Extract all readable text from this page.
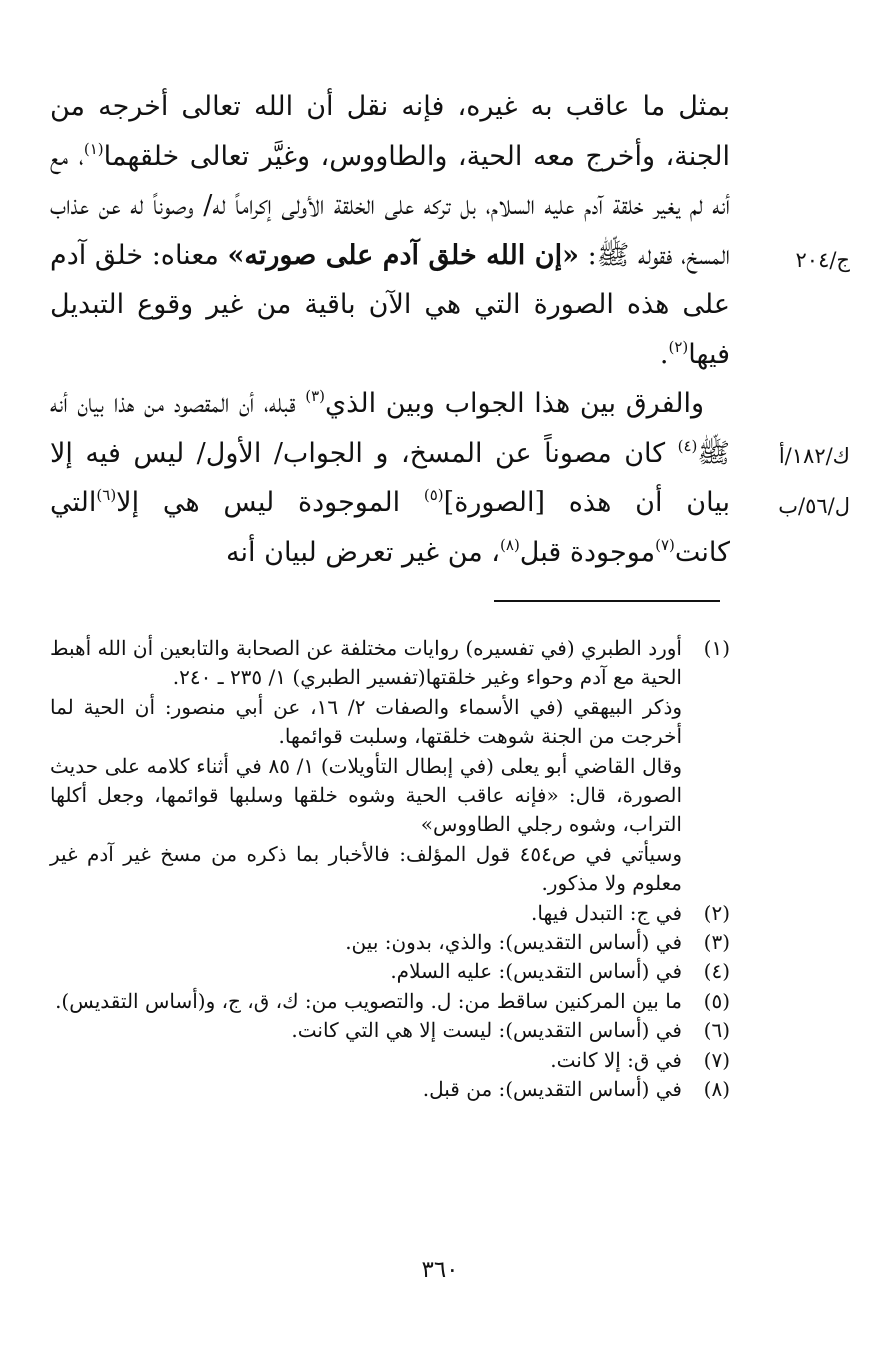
بمثل ما عاقب به غيره، فإنه نقل أن الله تعالى أخرجه من الجنة، وأخرج معه الحية، والطاووس، وغيَّر تعالى خلقهما$^{(١)}$، مع أنه لم يغير خلقة آدم عليه السلام، بل تركه على الخلقة الأولى إكراماً له/ وصوناً له عن عذاب المسخ، فقوله ﷺ: «إن الله خلق آدم على صورته» معناه: خلق آدم على هذه الصورة التي هي الآن باقية من غير وقوع التبديل فيها$^{(٢)}$.

والفرق بين هذا الجواب وبين الذي$^{(٣)}$ قبله، أن المقصود من هذا بيان أنه ﷺ$^{(٤)}$ كان مصوناً عن المسخ، و الجواب/ الأول/ ليس فيه إلا بيان أن هذه [الصورة]$^{(٥)}$ الموجودة ليس هي إلا$^{(٦)}$التي كانت$^{(٧)}$موجودة قبل$^{(٨)}$، من غير تعرض لبيان أنه

ج/٢٠٤
ك/١٨٢/أ
ل/٥٦/ب
(١)
أورد الطبري (في تفسيره) روايات مختلفة عن الصحابة والتابعين أن الله أهبط الحية مع آدم وحواء وغير خلقتها(تفسير الطبري) ١/ ٢٣٥ ـ ٢٤٠.
وذكر البيهقي (في الأسماء والصفات ٢/ ١٦، عن أبي منصور: أن الحية لما أخرجت من الجنة شوهت خلقتها، وسلبت قوائمها.
وقال القاضي أبو يعلى (في إبطال التأويلات) ١/ ٨٥ في أثناء كلامه على حديث الصورة، قال: «فإنه عاقب الحية وشوه خلقها وسلبها قوائمها، وجعل أكلها التراب، وشوه رجلي الطاووس»
وسيأتي في ص٤٥٤ قول المؤلف: فالأخبار بما ذكره من مسخ غير آدم غير معلوم ولا مذكور.
(٢)
في ج: التبدل فيها.
(٣)
في (أساس التقديس): والذي، بدون: بين.
(٤)
في (أساس التقديس): عليه السلام.
(٥)
ما بين المركنين ساقط من: ل. والتصويب من: ك، ق، ج، و(أساس التقديس).
(٦)
في (أساس التقديس): ليست إلا هي التي كانت.
(٧)
في ق: إلا كانت.
(٨)
في (أساس التقديس): من قبل.
٣٦٠
